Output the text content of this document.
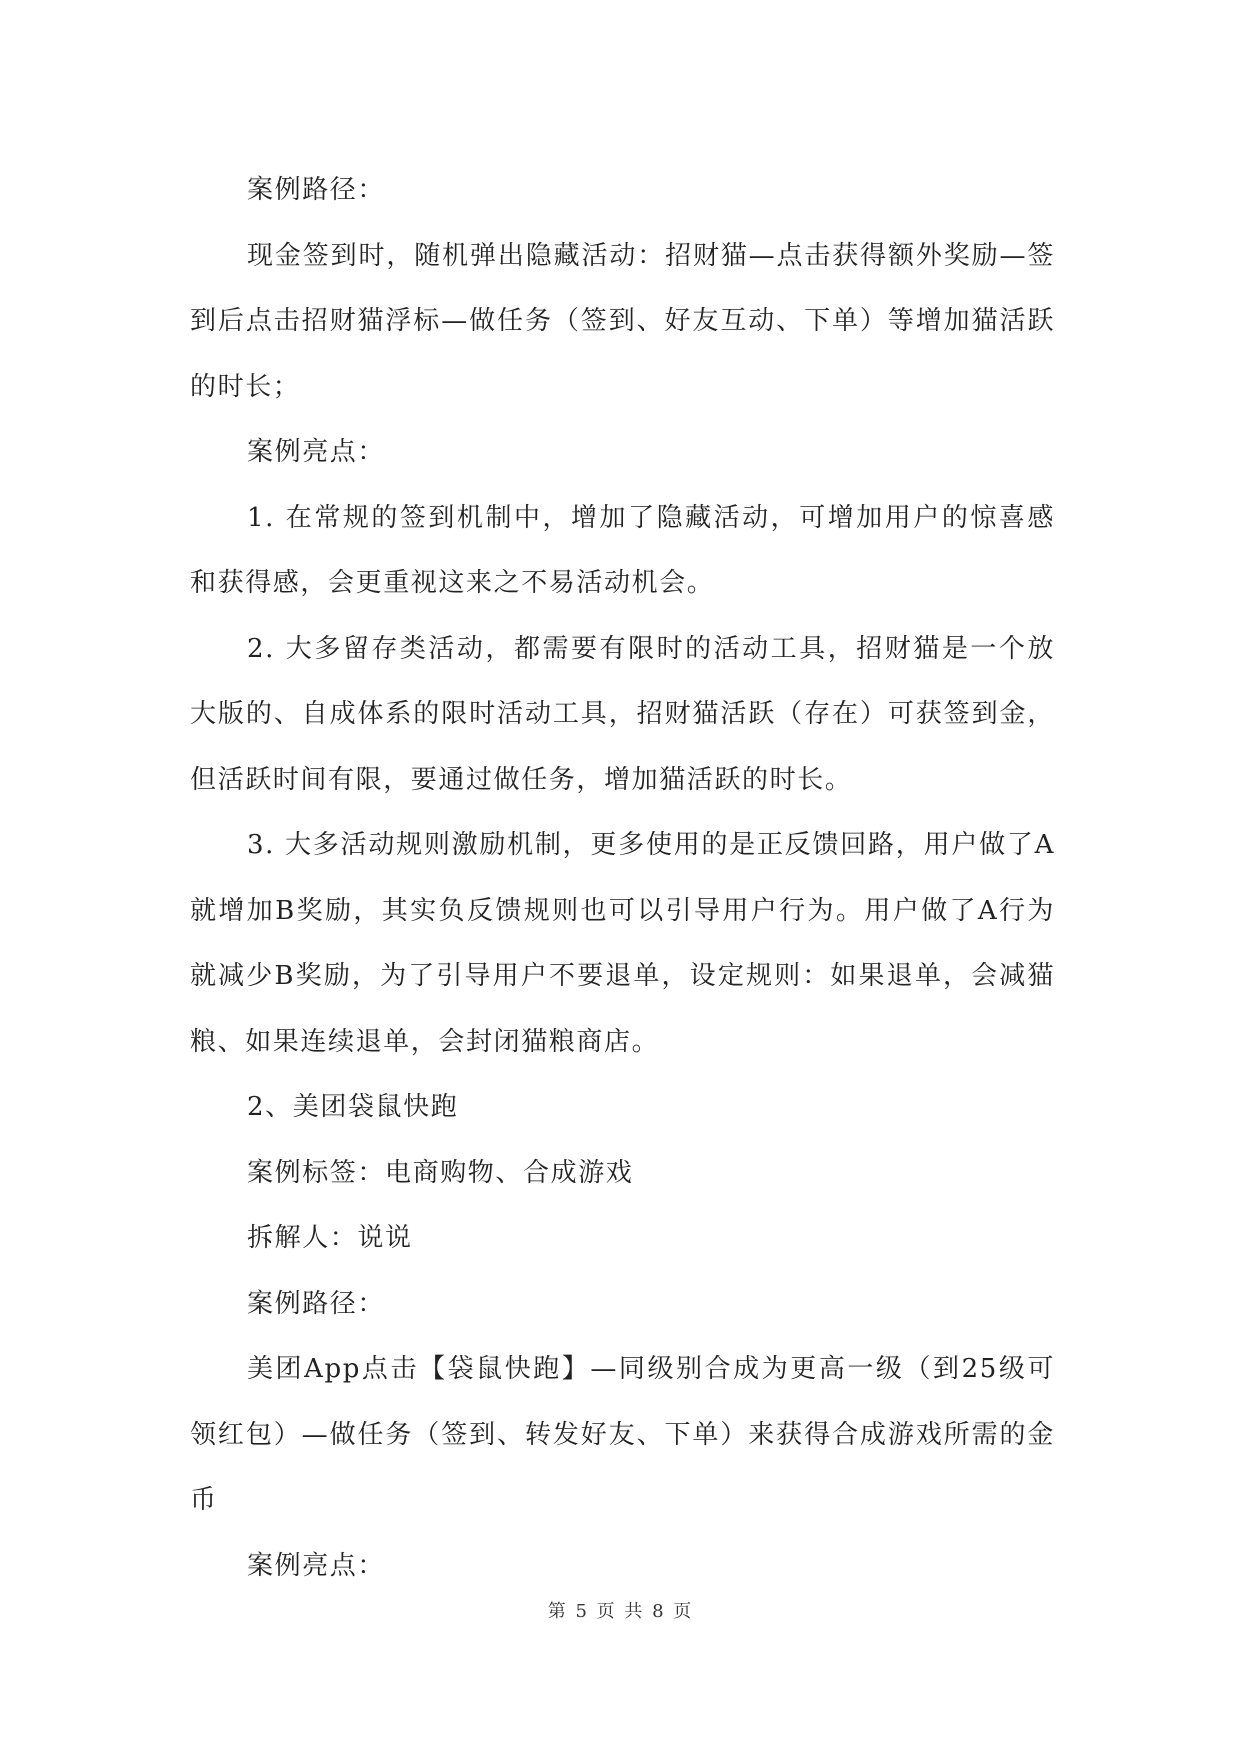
案例路径：

现金签到时，随机弹出隐藏活动：招财猫—点击获得额外奖励—签到后点击招财猫浮标—做任务（签到、好友互动、下单）等增加猫活跃的时长；

案例亮点：

1. 在常规的签到机制中，增加了隐藏活动，可增加用户的惊喜感和获得感，会更重视这来之不易活动机会。

2. 大多留存类活动，都需要有限时的活动工具，招财猫是一个放大版的、自成体系的限时活动工具，招财猫活跃（存在）可获签到金，但活跃时间有限，要通过做任务，增加猫活跃的时长。

3. 大多活动规则激励机制，更多使用的是正反馈回路，用户做了A就增加B奖励，其实负反馈规则也可以引导用户行为。用户做了A行为就减少B奖励，为了引导用户不要退单，设定规则：如果退单，会减猫粮、如果连续退单，会封闭猫粮商店。

2、美团袋鼠快跑

案例标签：电商购物、合成游戏

拆解人：说说

案例路径：

美团App点击【袋鼠快跑】—同级别合成为更高一级（到25级可领红包）—做任务（签到、转发好友、下单）来获得合成游戏所需的金币

案例亮点：

第 5 页 共 8 页
